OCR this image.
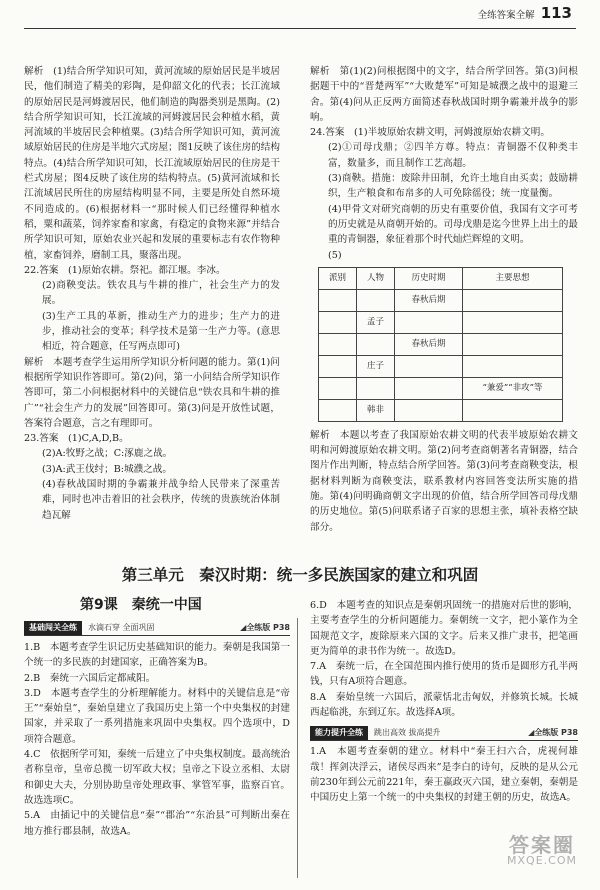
全练答案全解 113

解析　(1)结合所学知识可知，黄河流域的原始居民是半坡居民，他们制造了精美的彩陶，是仰韶文化的代表；长江流域的原始居民是河姆渡居民，他们制造的陶器类别是黑陶。(2)结合所学知识可知，长江流域的河姆渡居民会种植水稻，黄河流域的半坡居民会种植粟。(3)结合所学知识可知，黄河流域原始居民的住房是半地穴式房屋；图1反映了该住房的结构特点。(4)结合所学知识可知，长江流域原始居民的住房是干栏式房屋；图4反映了该住房的结构特点。(5)黄河流域和长江流域居民所住的房屋结构明显不同，主要是所处自然环境不同造成的。(6)根据材料一“那时候人们已经懂得种植水稻，粟和蔬菜，饲养家畜和家禽，有稳定的食物来源”并结合所学知识可知，原始农业兴起和发展的重要标志有农作物种植，家畜饲养，磨制工具，聚落出现。

22.答案　(1)原始农耕。祭祀。都江堰。李冰。

(2)商鞅变法。铁农具与牛耕的推广，社会生产力的发展。

(3)生产工具的革新，推动生产力的进步；生产力的进步，推动社会的变革；科学技术是第一生产力等。(意思相近，符合题意，任写两点即可)

解析　本题考查学生运用所学知识分析问题的能力。第(1)问根据所学知识作答即可。第(2)问，第一小问结合所学知识作答即可，第二小问根据材料中的关键信息“铁农具和牛耕的推广”“社会生产力的发展”回答即可。第(3)问是开放性试题，答案符合题意，言之有理即可。

23.答案　(1)C,A,D,B。

(2)A:牧野之战；C:涿鹿之战。

(3)A:武王伐纣；B:城濮之战。

(4)春秋战国时期的争霸兼并战争给人民带来了深重苦难，同时也冲击着旧的社会秩序，传统的贵族统治体制趋瓦解

解析　第(1)(2)问根据图中的文字，结合所学回答。第(3)问根据题干中的“晋楚两军”“大败楚军”可知是城濮之战中的退避三舍。第(4)问从正反两方面简述春秋战国时期争霸兼并战争的影响。

24.答案　(1)半坡原始农耕文明，河姆渡原始农耕文明。

(2)①司母戊鼎；②四羊方尊。特点：青铜器不仅种类丰富，数量多，而且制作工艺高超。

(3)商鞅。措施：废除井田制，允许土地自由买卖；鼓励耕织，生产粮食和布帛多的人可免除徭役；统一度量衡。

(4)甲骨文对研究商朝的历史有重要价值，我国有文字可考的历史就是从商朝开始的。司母戊鼎是迄今世界上出土的最重的青铜器，象征着那个时代灿烂辉煌的文明。

(5)

派别	人物	历史时期	主要思想
		春秋后期	
	孟子		
		春秋后期	
	庄子		
			“兼爱”“非攻”等
	韩非		

解析　本题以考查了我国原始农耕文明的代表半坡原始农耕文明和河姆渡原始农耕文明。第(2)问考查商朝著名青铜器，结合图片作出判断，特点结合所学回答。第(3)问考查商鞅变法，根据材料判断为商鞅变法，联系教材内容回答变法所实施的措施。第(4)问明确商朝文字出现的价值，结合所学回答司母戊鼎的历史地位。第(5)问联系诸子百家的思想主张，填补表格空缺部分。

第三单元　秦汉时期：统一多民族国家的建立和巩固
第9课　秦统一中国
基础闯关全练	水滴石穿 全面巩固	◢全练版 P38

1.B　本题考查学生识记历史基础知识的能力。秦朝是我国第一个统一的多民族的封建国家，正确答案为B。

2.B　秦统一六国后定都咸阳。

3.D　本题考查学生的分析理解能力。材料中的关键信息是“帝王”“秦始皇”，秦始皇建立了我国历史上第一个中央集权的封建国家，并采取了一系列措施来巩固中央集权。四个选项中，D项符合题意。

4.C　依据所学可知，秦统一后建立了中央集权制度。最高统治者称皇帝，皇帝总揽一切军政大权；皇帝之下设立丞相、太尉和御史大夫，分别协助皇帝处理政事、掌管军事，监察百官。故选选项C。

5.A　由插记中的关键信息“秦”“郡治”“东治县”可判断出秦在地方推行郡县制，故选A。

6.D　本题考查的知识点是秦朝巩固统一的措施对后世的影响，主要考查学生的分析问题能力。秦朝统一文字，把小篆作为全国规范文字，废除原来六国的文字。后来又推广隶书，把笔画更为简单的隶书作为统一。故选D。

7.A　秦统一后，在全国范围内推行使用的货币是圆形方孔半两钱，只有A项符合题意。

8.A　秦始皇统一六国后，派蒙恬北击匈奴，并修筑长城。长城西起临洮，东到辽东。故选择A项。

能力提升全练	跳出高效 拔高提升	◢全练版 P38

1.A　本题考查秦朝的建立。材料中“秦王扫六合，虎视何雄哉！挥剑决浮云，诸侯尽西来”是李白的诗句，反映的是从公元前230年到公元前221年，秦王嬴政灭六国，建立秦朝，秦朝是中国历史上第一个统一的中央集权的封建王朝的历史，故选A。

答案圈
MXQE.COM
